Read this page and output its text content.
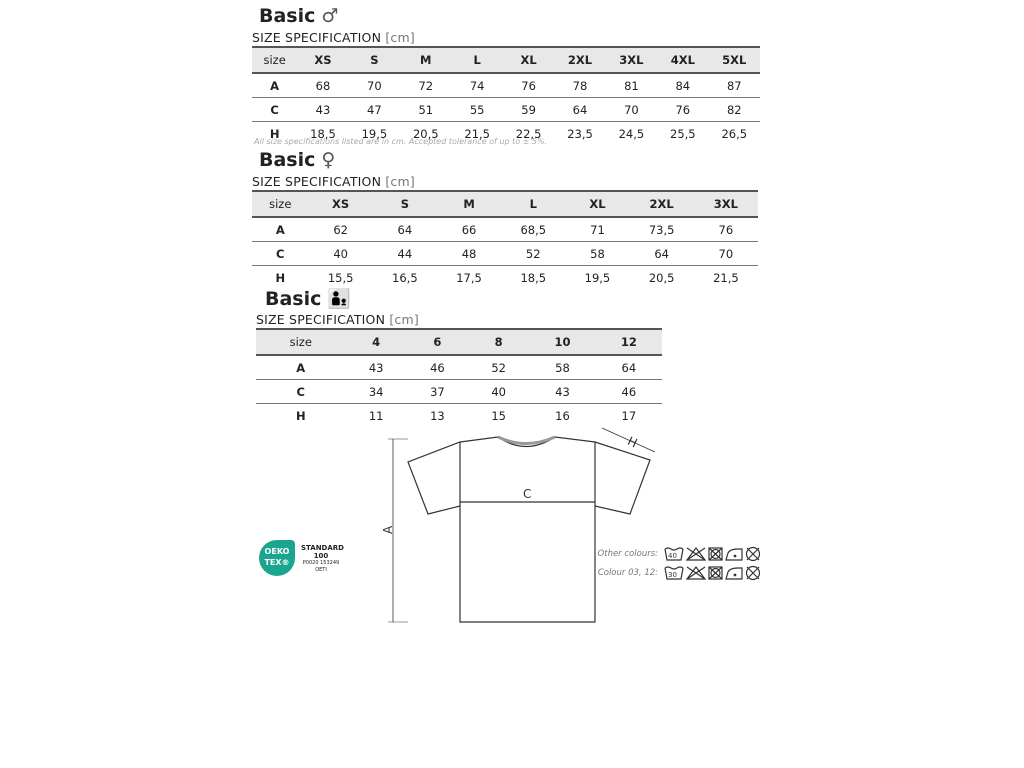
Basic ♂
SIZE SPECIFICATION [cm]
size	XS	S	M	L	XL	2XL	3XL	4XL	5XL
A	68	70	72	74	76	78	81	84	87
C	43	47	51	55	59	64	70	76	82
H	18,5	19,5	20,5	21,5	22,5	23,5	24,5	25,5	26,5
Basic ♀
SIZE SPECIFICATION [cm]
size	XS	S	M	L	XL	2XL	3XL
A	62	64	66	68,5	71	73,5	76
C	40	44	48	52	58	64	70
H	15,5	16,5	17,5	18,5	19,5	20,5	21,5
Basic 👨‍👦
SIZE SPECIFICATION [cm]
size	4	6	8	10	12
A	43	46	52	58	64
C	34	37	40	43	46
H	11	13	15	16	17
All size specifications listed are in cm. Accepted tolerance of up to ± 5%.
A
C
H
OEKO TEX®
STANDARD
100
P0020 153249
OETI
Other colours: 40
Colour 03, 12: 30
